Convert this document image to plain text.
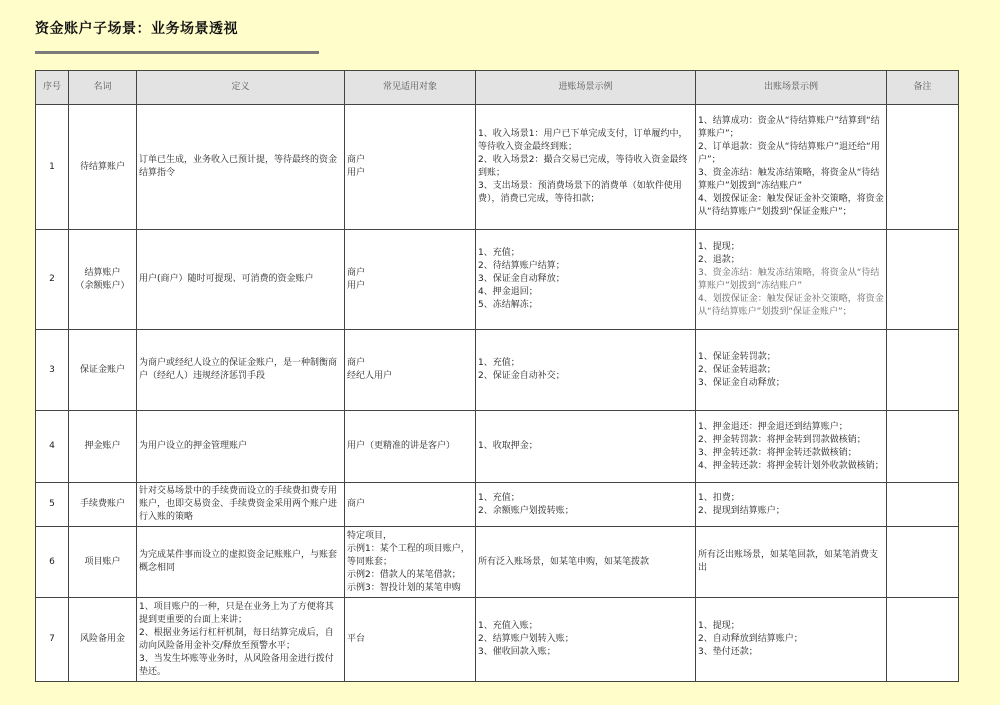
资金账户子场景：业务场景透视
序号	名词	定义	常见适用对象	进账场景示例	出账场景示例	备注
1	待结算账户	订单已生成，业务收入已预计提，等待最终的资金结算指令	商户
用户	1、收入场景1：用户已下单完成支付，订单履约中，等待收入资金最终到账；
2、收入场景2：撮合交易已完成，等待收入资金最终到账；
3、支出场景：预消费场景下的消费单（如软件使用费），消费已完成，等待扣款；	1、结算成功：资金从“待结算账户”结算到“结算账户”；
2、订单退款：资金从“待结算账户”退还给“用户”；
3、资金冻结：触发冻结策略，将资金从“待结算账户”划拨到“冻结账户”
4、划拨保证金：触发保证金补交策略，将资金从“待结算账户”划拨到“保证金账户”；	

2	结算账户
（余额账户）	用户(商户）随时可提现、可消费的资金账户	商户
用户	1、充值；
2、待结算账户结算；
3、保证金自动释放；
4、押金退回；
5、冻结解冻；	1、提现；
2、退款；
3、资金冻结：触发冻结策略，将资金从“待结算账户”划拨到“冻结账户”
4、划拨保证金：触发保证金补交策略，将资金从“待结算账户”划拨到“保证金账户”；	

3	保证金账户	为商户或经纪人设立的保证金账户，是一种制衡商户（经纪人）违规经济惩罚手段	商户
经纪人用户	1、充值；
2、保证金自动补交；	1、保证金转罚款；
2、保证金转退款；
3、保证金自动释放；	

4	押金账户	为用户设立的押金管理账户	用户（更精准的讲是客户）	1、收取押金；	1、押金退还：押金退还到结算账户；
2、押金转罚款：将押金转到罚款做核销；
3、押金转还款：将押金转还款做核销；
4、押金转还款：将押金转计划外收款做核销；	

5	手续费账户	针对交易场景中的手续费而设立的手续费扣费专用账户，也即交易资金、手续费资金采用两个账户进行入账的策略	商户	1、充值；
2、余额账户划拨转账；	1、扣费；
2、提现到结算账户；	

6	项目账户	为完成某件事而设立的虚拟资金记账账户，与账套概念相同	特定项目，
示例1：某个工程的项目账户，等同账套；
示例2：借款人的某笔借款；
示例3：智投计划的某笔申购	所有泛入账场景，如某笔申购，如某笔拨款	所有泛出账场景，如某笔回款，如某笔消费支出	

7	风险备用金	1、项目账户的一种，只是在业务上为了方便将其提到更重要的台面上来讲；
2、根据业务运行杠杆机制，每日结算完成后，自动向风险备用金补交/释放至预警水平；
3、当发生坏账等业务时，从风险备用金进行拨付垫还。	平台	1、充值入账；
2、结算账户划转入账；
3、催收回款入账；	1、提现；
2、自动释放到结算账户；
3、垫付还款；	
